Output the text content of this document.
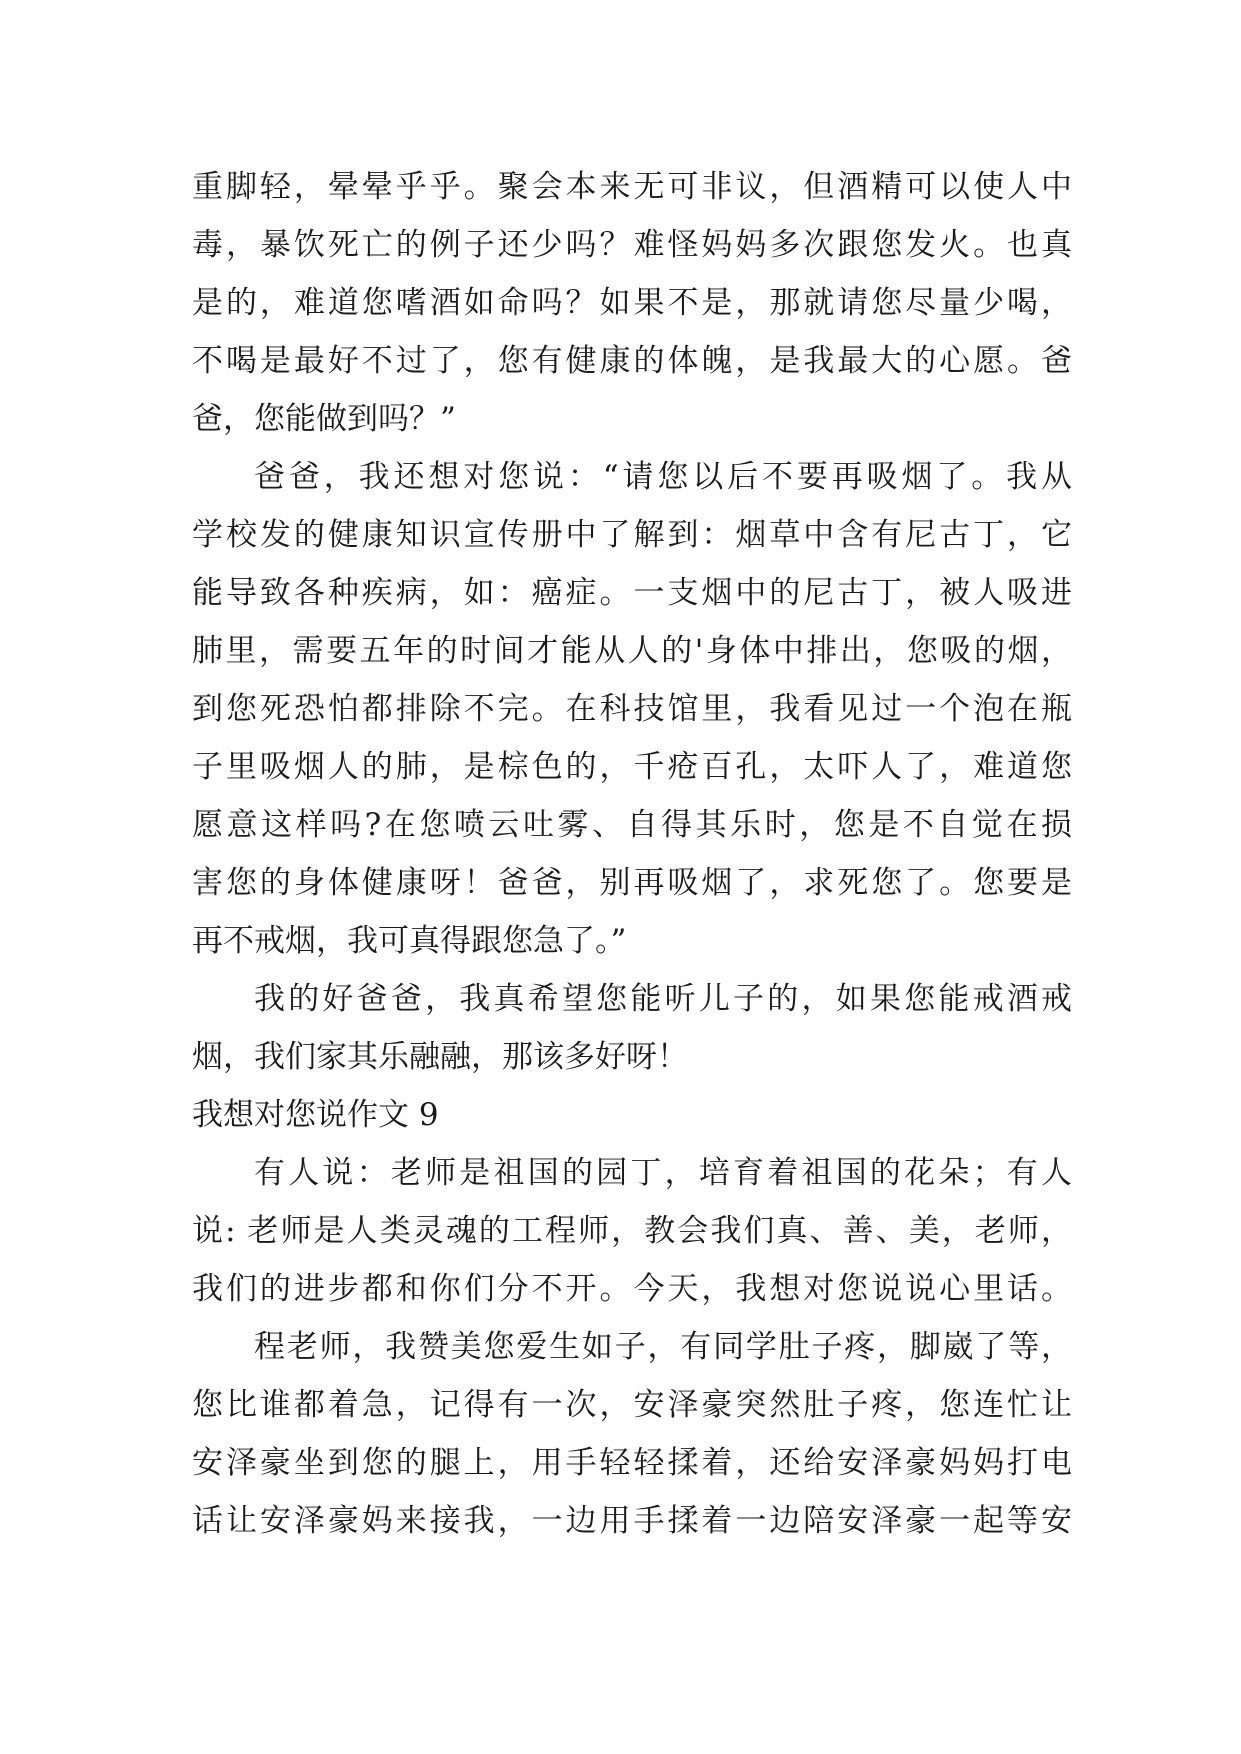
重脚轻，晕晕乎乎。聚会本来无可非议，但酒精可以使人中
毒，暴饮死亡的例子还少吗？难怪妈妈多次跟您发火。也真
是的，难道您嗜酒如命吗？如果不是，那就请您尽量少喝，
不喝是最好不过了，您有健康的体魄，是我最大的心愿。爸
爸，您能做到吗？”
爸爸，我还想对您说：“请您以后不要再吸烟了。我从
学校发的健康知识宣传册中了解到：烟草中含有尼古丁，它
能导致各种疾病，如：癌症。一支烟中的尼古丁，被人吸进
肺里，需要五年的时间才能从人的'身体中排出，您吸的烟，
到您死恐怕都排除不完。在科技馆里，我看见过一个泡在瓶
子里吸烟人的肺，是棕色的，千疮百孔，太吓人了，难道您
愿意这样吗?在您喷云吐雾、自得其乐时，您是不自觉在损
害您的身体健康呀！爸爸，别再吸烟了，求死您了。您要是
再不戒烟，我可真得跟您急了。”
我的好爸爸，我真希望您能听儿子的，如果您能戒酒戒
烟，我们家其乐融融，那该多好呀！
我想对您说作文 9
有人说：老师是祖国的园丁，培育着祖国的花朵；有人
说: 老师是人类灵魂的工程师，教会我们真、善、美，老师，
我们的进步都和你们分不开。今天，我想对您说说心里话。
程老师，我赞美您爱生如子，有同学肚子疼，脚崴了等，
您比谁都着急，记得有一次，安泽豪突然肚子疼，您连忙让
安泽豪坐到您的腿上，用手轻轻揉着，还给安泽豪妈妈打电
话让安泽豪妈来接我，一边用手揉着一边陪安泽豪一起等安
